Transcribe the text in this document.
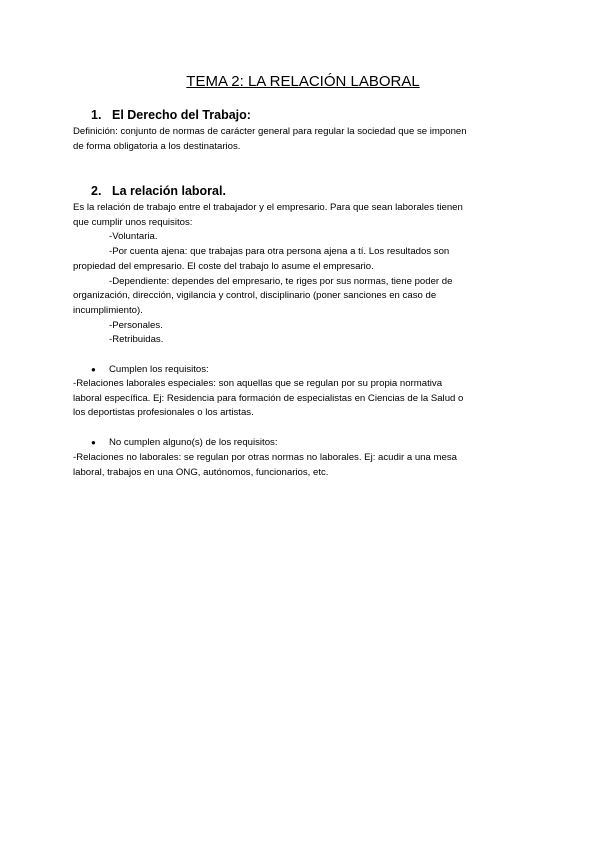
TEMA 2: LA RELACIÓN LABORAL
1. El Derecho del Trabajo:
Definición: conjunto de normas de carácter general para regular la sociedad que se imponen
de forma obligatoria a los destinatarios.
2. La relación laboral.
Es la relación de trabajo entre el trabajador y el empresario. Para que sean laborales tienen
que cumplir unos requisitos:
-Voluntaria.
-Por cuenta ajena: que trabajas para otra persona ajena a tí. Los resultados son
propiedad del empresario. El coste del trabajo lo asume el empresario.
-Dependiente: dependes del empresario, te riges por sus normas, tiene poder de
organización, dirección, vigilancia y control, disciplinario (poner sanciones en caso de
incumplimiento).
-Personales.
-Retribuidas.
● Cumplen los requisitos:
-Relaciones laborales especiales: son aquellas que se regulan por su propia normativa
laboral específica. Ej: Residencia para formación de especialistas en Ciencias de la Salud o
los deportistas profesionales o los artistas.
● No cumplen alguno(s) de los requisitos:
-Relaciones no laborales: se regulan por otras normas no laborales. Ej: acudir a una mesa
laboral, trabajos en una ONG, autónomos, funcionarios, etc.
